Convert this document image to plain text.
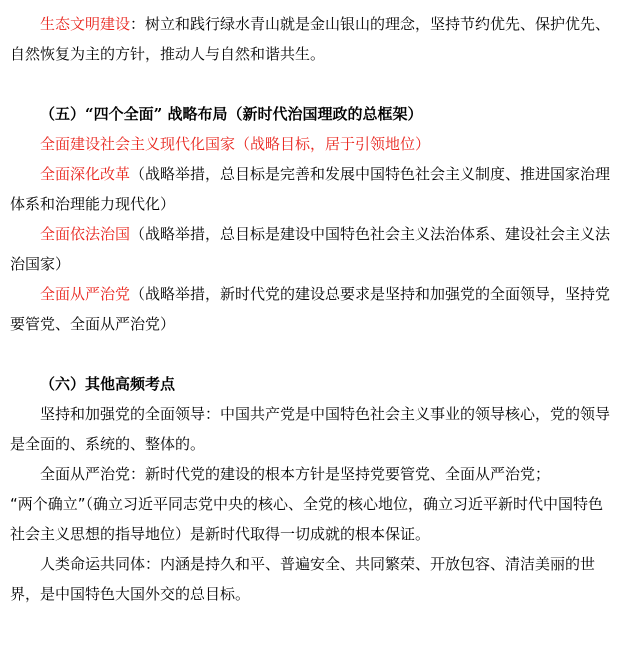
生态文明建设：树立和践行绿水青山就是金山银山的理念，坚持节约优先、保护优先、自然恢复为主的方针，推动人与自然和谐共生。

（五）“四个全面” 战略布局（新时代治国理政的总框架）

全面建设社会主义现代化国家（战略目标，居于引领地位）

全面深化改革（战略举措，总目标是完善和发展中国特色社会主义制度、推进国家治理体系和治理能力现代化）

全面依法治国（战略举措，总目标是建设中国特色社会主义法治体系、建设社会主义法治国家）

全面从严治党（战略举措，新时代党的建设总要求是坚持和加强党的全面领导，坚持党要管党、全面从严治党）

（六）其他高频考点

坚持和加强党的全面领导：中国共产党是中国特色社会主义事业的领导核心，党的领导是全面的、系统的、整体的。

全面从严治党：新时代党的建设的根本方针是坚持党要管党、全面从严治党；

“两个确立”（确立习近平同志党中央的核心、全党的核心地位，确立习近平新时代中国特色社会主义思想的指导地位）是新时代取得一切成就的根本保证。

人类命运共同体：内涵是持久和平、普遍安全、共同繁荣、开放包容、清洁美丽的世界，是中国特色大国外交的总目标。
